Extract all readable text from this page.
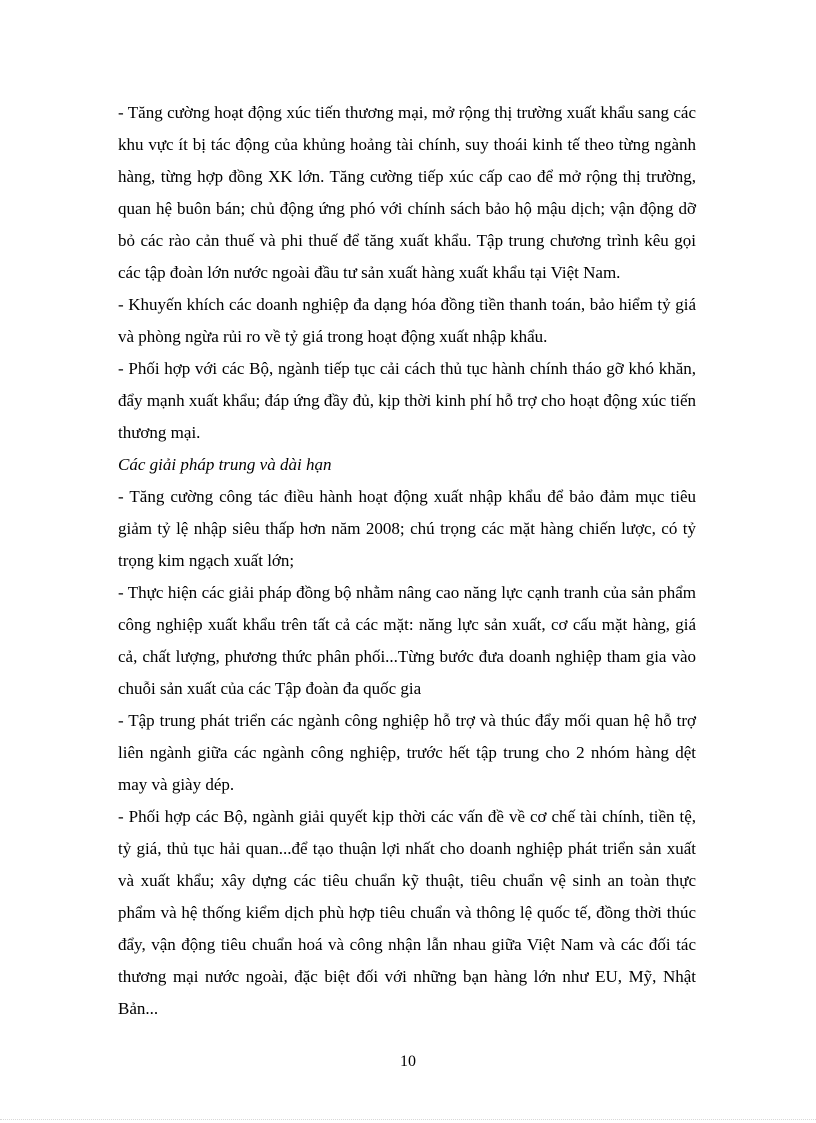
- Tăng cường hoạt động xúc tiến thương mại, mở rộng thị trường xuất khẩu sang các khu vực ít bị tác động của khủng hoảng tài chính, suy thoái kinh tế theo từng ngành hàng, từng hợp đồng XK lớn. Tăng cường tiếp xúc cấp cao để mở rộng thị trường, quan hệ buôn bán; chủ động ứng phó với chính sách bảo hộ mậu dịch; vận động dỡ bỏ các rào cản thuế và phi thuế để tăng xuất khẩu. Tập trung chương trình kêu gọi các tập đoàn lớn nước ngoài đầu tư sản xuất hàng xuất khẩu tại Việt Nam.

- Khuyến khích các doanh nghiệp đa dạng hóa đồng tiền thanh toán, bảo hiểm tỷ giá và phòng ngừa rủi ro về tỷ giá trong hoạt động xuất nhập khẩu.

- Phối hợp với các Bộ, ngành tiếp tục cải cách thủ tục hành chính tháo gỡ khó khăn, đẩy mạnh xuất khẩu; đáp ứng đầy đủ, kịp thời kinh phí hỗ trợ cho hoạt động xúc tiến thương mại.

Các giải pháp trung và dài hạn

- Tăng cường công tác điều hành hoạt động xuất nhập khẩu để bảo đảm mục tiêu giảm tỷ lệ nhập siêu thấp hơn năm 2008; chú trọng các mặt hàng chiến lược, có tỷ trọng kim ngạch xuất lớn;

- Thực hiện các giải pháp đồng bộ nhằm nâng cao năng lực cạnh tranh của sản phẩm công nghiệp xuất khẩu trên tất cả các mặt: năng lực sản xuất, cơ cấu mặt hàng, giá cả, chất lượng, phương thức phân phối...Từng bước đưa doanh nghiệp tham gia vào chuỗi sản xuất của các Tập đoàn đa quốc gia

- Tập trung phát triển các ngành công nghiệp hỗ trợ và thúc đẩy mối quan hệ hỗ trợ liên ngành giữa các ngành công nghiệp, trước hết tập trung cho 2 nhóm hàng dệt may và giày dép.

- Phối hợp các Bộ, ngành giải quyết kịp thời các vấn đề về cơ chế tài chính, tiền tệ, tỷ giá, thủ tục hải quan...để tạo thuận lợi nhất cho doanh nghiệp phát triển sản xuất và xuất khẩu; xây dựng các tiêu chuẩn kỹ thuật, tiêu chuẩn vệ sinh an toàn thực phẩm và hệ thống kiểm dịch phù hợp tiêu chuẩn và thông lệ quốc tế, đồng thời thúc đẩy, vận động tiêu chuẩn hoá và công nhận lẫn nhau giữa Việt Nam và các đối tác thương mại nước ngoài, đặc biệt đối với những bạn hàng lớn như EU, Mỹ, Nhật Bản...

10
